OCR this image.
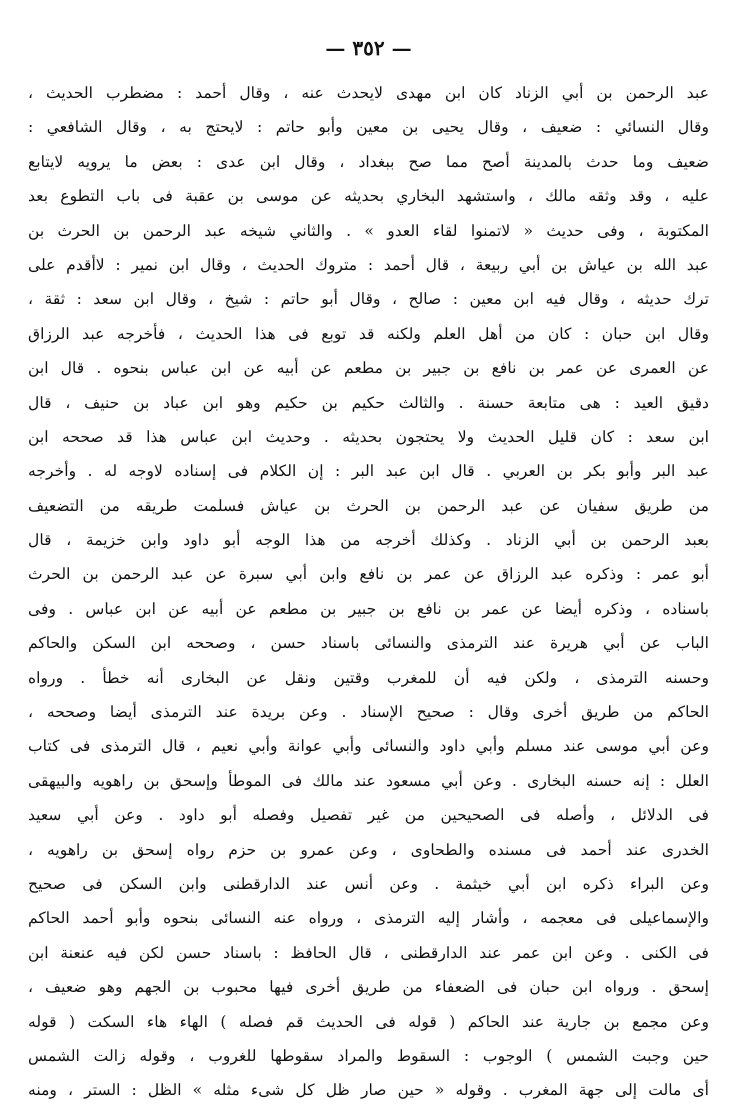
— ٣٥٢ —
عبد الرحمن بن أبي الزناد كان ابن مهدى لايحدث عنه ، وقال أحمد : مضطرب الحديث ،
وقال النسائي : ضعيف ، وقال يحيى بن معين وأبو حاتم : لايحتج به ، وقال الشافعي :
ضعيف وما حدث بالمدينة أصح مما صح ببغداد ، وقال ابن عدى : بعض ما يرويه لايتابع
عليه ، وقد وثقه مالك ، واستشهد البخاري بحديثه عن موسى بن عقبة فى باب التطوع بعد
المكتوبة ، وفى حديث « لاتمنوا لقاء العدو » . والثاني شيخه عبد الرحمن بن الحرث بن
عبد الله بن عياش بن أبي ربيعة ، قال أحمد : متروك الحديث ، وقال ابن نمير : لاأقدم على
ترك حديثه ، وقال فيه ابن معين : صالح ، وقال أبو حاتم : شيخ ، وقال ابن سعد : ثقة ،
وقال ابن حبان : كان من أهل العلم ولكنه قد توبع فى هذا الحديث ، فأخرجه عبد الرزاق
عن العمرى عن عمر بن نافع بن جبير بن مطعم عن أبيه عن ابن عباس بنحوه . قال ابن
دقيق العيد : هى متابعة حسنة . والثالث حكيم بن حكيم وهو ابن عباد بن حنيف ، قال
ابن سعد : كان قليل الحديث ولا يحتجون بحديثه . وحديث ابن عباس هذا قد صححه ابن
عبد البر وأبو بكر بن العربي . قال ابن عبد البر : إن الكلام فى إسناده لاوجه له . وأخرجه
من طريق سفيان عن عبد الرحمن بن الحرث بن عياش فسلمت طريقه من التضعيف
بعبد الرحمن بن أبي الزناد . وكذلك أخرجه من هذا الوجه أبو داود وابن خزيمة ، قال
أبو عمر : وذكره عبد الرزاق عن عمر بن نافع وابن أبي سبرة عن عبد الرحمن بن الحرث
باسناده ، وذكره أيضا عن عمر بن نافع بن جبير بن مطعم عن أبيه عن ابن عباس . وفى
الباب عن أبي هريرة عند الترمذى والنسائى باسناد حسن ، وصححه ابن السكن والحاكم
وحسنه الترمذى ، ولكن فيه أن للمغرب وقتين ونقل عن البخارى أنه خطأ . ورواه
الحاكم من طريق أخرى وقال : صحيح الإسناد . وعن بريدة عند الترمذى أيضا وصححه ،
وعن أبي موسى عند مسلم وأبي داود والنسائى وأبي عوانة وأبي نعيم ، قال الترمذى فى كتاب
العلل : إنه حسنه البخارى . وعن أبي مسعود عند مالك فى الموطأ وإسحق بن راهويه والبيهقى
فى الدلائل ، وأصله فى الصحيحين من غير تفصيل وفصله أبو داود . وعن أبي سعيد
الخدرى عند أحمد فى مسنده والطحاوى ، وعن عمرو بن حزم رواه إسحق بن راهويه ،
وعن البراء ذكره ابن أبي خيثمة . وعن أنس عند الدارقطنى وابن السكن فى صحيح
والإسماعيلى فى معجمه ، وأشار إليه الترمذى ، ورواه عنه النسائى بنحوه وأبو أحمد الحاكم
فى الكنى . وعن ابن عمر عند الدارقطنى ، قال الحافظ : باسناد حسن لكن فيه عنعنة ابن
إسحق . ورواه ابن حبان فى الضعفاء من طريق أخرى فيها محبوب بن الجهم وهو ضعيف ،
وعن مجمع بن جارية عند الحاكم ( قوله فى الحديث قم فصله ) الهاء هاء السكت ( قوله
حين وجبت الشمس ) الوجوب : السقوط والمراد سقوطها للغروب ، وقوله زالت الشمس
أى مالت إلى جهة المغرب . وقوله « حين صار ظل كل شىء مثله » الظل : الستر ، ومنه
